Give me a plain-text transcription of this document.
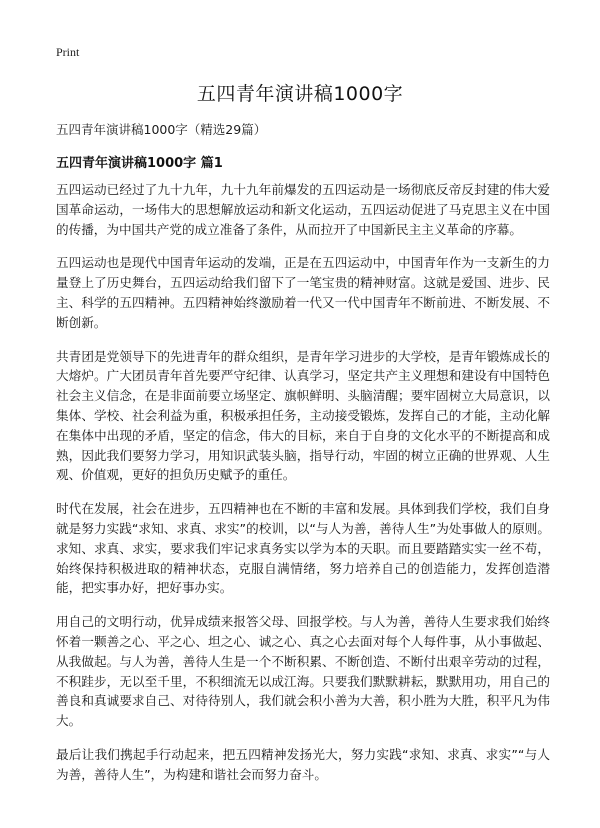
Print
五四青年演讲稿1000字
五四青年演讲稿1000字（精选29篇）
五四青年演讲稿1000字 篇1

五四运动已经过了九十九年，九十九年前爆发的五四运动是一场彻底反帝反封建的伟大爱国革命运动，一场伟大的思想解放运动和新文化运动，五四运动促进了马克思主义在中国的传播，为中国共产党的成立准备了条件，从而拉开了中国新民主主义革命的序幕。

五四运动也是现代中国青年运动的发端，正是在五四运动中，中国青年作为一支新生的力量登上了历史舞台，五四运动给我们留下了一笔宝贵的精神财富。这就是爱国、进步、民主、科学的五四精神。五四精神始终激励着一代又一代中国青年不断前进、不断发展、不断创新。

共青团是党领导下的先进青年的群众组织，是青年学习进步的大学校，是青年锻炼成长的大熔炉。广大团员青年首先要严守纪律、认真学习，坚定共产主义理想和建设有中国特色社会主义信念，在是非面前要立场坚定、旗帜鲜明、头脑清醒；要牢固树立大局意识，以集体、学校、社会利益为重，积极承担任务，主动接受锻炼，发挥自己的才能，主动化解在集体中出现的矛盾，坚定的信念，伟大的目标，来自于自身的文化水平的不断提高和成熟，因此我们要努力学习，用知识武装头脑，指导行动，牢固的树立正确的世界观、人生观、价值观，更好的担负历史赋予的重任。

时代在发展，社会在进步，五四精神也在不断的丰富和发展。具体到我们学校，我们自身就是努力实践“求知、求真、求实”的校训，以“与人为善，善待人生”为处事做人的原则。求知、求真、求实，要求我们牢记求真务实以学为本的天职。而且要踏踏实实一丝不苟，始终保持积极进取的精神状态，克服自满情绪，努力培养自己的创造能力，发挥创造潜能，把实事办好，把好事办实。

用自己的文明行动，优异成绩来报答父母、回报学校。与人为善，善待人生要求我们始终怀着一颗善之心、平之心、坦之心、诚之心、真之心去面对每个人每件事，从小事做起、从我做起。与人为善，善待人生是一个不断积累、不断创造、不断付出艰辛劳动的过程，不积跬步，无以至千里，不积细流无以成江海。只要我们默默耕耘，默默用功，用自己的善良和真诚要求自己、对待待别人，我们就会积小善为大善，积小胜为大胜，积平凡为伟大。

最后让我们携起手行动起来，把五四精神发扬光大，努力实践“求知、求真、求实”“与人为善，善待人生”，为构建和谐社会而努力奋斗。
